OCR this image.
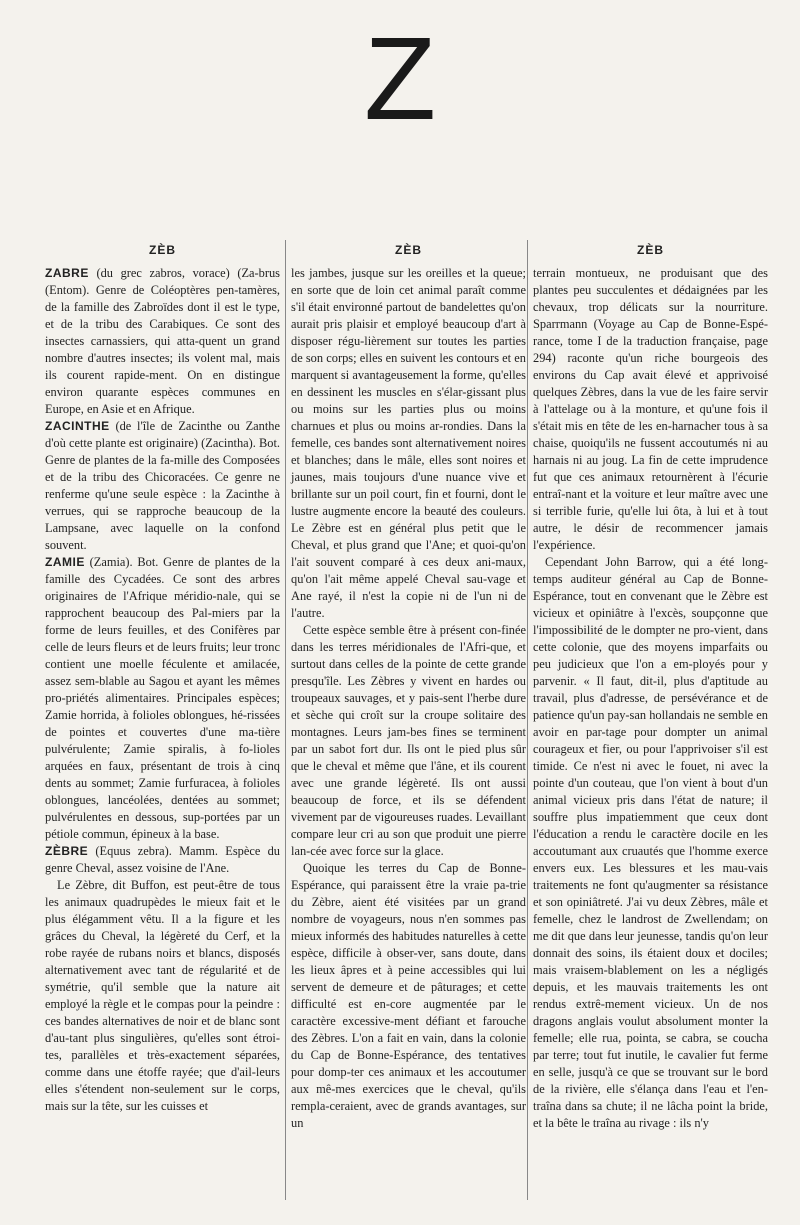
Z
ZÈB

ZABRE (du grec zabros, vorace) (Za-brus (Entom). Genre de Coléoptères pen-tamères, de la famille des Zabroïdes dont il est le type, et de la tribu des Carabiques. Ce sont des insectes carnassiers, qui atta-quent un grand nombre d'autres insectes; ils volent mal, mais ils courent rapide-ment. On en distingue environ quarante espèces communes en Europe, en Asie et en Afrique.

ZACINTHE (de l'île de Zacinthe ou Zanthe d'où cette plante est originaire) (Zacintha). Bot. Genre de plantes de la fa-mille des Composées et de la tribu des Chicoracées. Ce genre ne renferme qu'une seule espèce : la Zacinthe à verrues, qui se rapproche beaucoup de la Lampsane, avec laquelle on la confond souvent.

ZAMIE (Zamia). Bot. Genre de plantes de la famille des Cycadées. Ce sont des arbres originaires de l'Afrique méridio-nale, qui se rapprochent beaucoup des Pal-miers par la forme de leurs feuilles, et des Conifères par celle de leurs fleurs et de leurs fruits; leur tronc contient une moelle féculente et amilacée, assez sem-blable au Sagou et ayant les mêmes pro-priétés alimentaires. Principales espèces; Zamie horrida, à folioles oblongues, hé-rissées de pointes et couvertes d'une ma-tière pulvérulente; Zamie spiralis, à fo-lioles arquées en faux, présentant de trois à cinq dents au sommet; Zamie furfuracea, à folioles oblongues, lancéolées, dentées au sommet; pulvérulentes en dessous, sup-portées par un pétiole commun, épineux à la base.

ZÈBRE (Equus zebra). Mamm. Espèce du genre Cheval, assez voisine de l'Ane.

Le Zèbre, dit Buffon, est peut-être de tous les animaux quadrupèdes le mieux fait et le plus élégamment vêtu. Il a la figure et les grâces du Cheval, la légèreté du Cerf, et la robe rayée de rubans noirs et blancs, disposés alternativement avec tant de régularité et de symétrie, qu'il semble que la nature ait employé la règle et le compas pour la peindre : ces bandes alternatives de noir et de blanc sont d'au-tant plus singulières, qu'elles sont étroi-tes, parallèles et très-exactement séparées, comme dans une étoffe rayée; que d'ail-leurs elles s'étendent non-seulement sur le corps, mais sur la tête, sur les cuisses et

ZÈB

les jambes, jusque sur les oreilles et la queue; en sorte que de loin cet animal paraît comme s'il était environné partout de bandelettes qu'on aurait pris plaisir et employé beaucoup d'art à disposer régu-lièrement sur toutes les parties de son corps; elles en suivent les contours et en marquent si avantageusement la forme, qu'elles en dessinent les muscles en s'élar-gissant plus ou moins sur les parties plus ou moins charnues et plus ou moins ar-rondies. Dans la femelle, ces bandes sont alternativement noires et blanches; dans le mâle, elles sont noires et jaunes, mais toujours d'une nuance vive et brillante sur un poil court, fin et fourni, dont le lustre augmente encore la beauté des couleurs. Le Zèbre est en général plus petit que le Cheval, et plus grand que l'Ane; et quoi-qu'on l'ait souvent comparé à ces deux ani-maux, qu'on l'ait même appelé Cheval sau-vage et Ane rayé, il n'est la copie ni de l'un ni de l'autre.

Cette espèce semble être à présent con-finée dans les terres méridionales de l'Afri-que, et surtout dans celles de la pointe de cette grande presqu'île. Les Zèbres y vivent en hardes ou troupeaux sauvages, et y pais-sent l'herbe dure et sèche qui croît sur la croupe solitaire des montagnes. Leurs jam-bes fines se terminent par un sabot fort dur. Ils ont le pied plus sûr que le cheval et même que l'âne, et ils courent avec une grande légèreté. Ils ont aussi beaucoup de force, et ils se défendent vivement par de vigoureuses ruades. Levaillant compare leur cri au son que produit une pierre lan-cée avec force sur la glace.

Quoique les terres du Cap de Bonne-Espérance, qui paraissent être la vraie pa-trie du Zèbre, aient été visitées par un grand nombre de voyageurs, nous n'en sommes pas mieux informés des habitudes naturelles à cette espèce, difficile à obser-ver, sans doute, dans les lieux âpres et à peine accessibles qui lui servent de demeure et de pâturages; et cette difficulté est en-core augmentée par le caractère excessive-ment défiant et farouche des Zèbres. L'on a fait en vain, dans la colonie du Cap de Bonne-Espérance, des tentatives pour domp-ter ces animaux et les accoutumer aux mê-mes exercices que le cheval, qu'ils rempla-ceraient, avec de grands avantages, sur un

ZÈB

terrain montueux, ne produisant que des plantes peu succulentes et dédaignées par les chevaux, trop délicats sur la nourriture. Sparrmann (Voyage au Cap de Bonne-Espé-rance, tome I de la traduction française, page 294) raconte qu'un riche bourgeois des environs du Cap avait élevé et apprivoisé quelques Zèbres, dans la vue de les faire servir à l'attelage ou à la monture, et qu'une fois il s'était mis en tête de les en-harnacher tous à sa chaise, quoiqu'ils ne fussent accoutumés ni au harnais ni au joug. La fin de cette imprudence fut que ces animaux retournèrent à l'écurie entraî-nant et la voiture et leur maître avec une si terrible furie, qu'elle lui ôta, à lui et à tout autre, le désir de recommencer jamais l'expérience.

Cependant John Barrow, qui a été long-temps auditeur général au Cap de Bonne-Espérance, tout en convenant que le Zèbre est vicieux et opiniâtre à l'excès, soupçonne que l'impossibilité de le dompter ne pro-vient, dans cette colonie, que des moyens imparfaits ou peu judicieux que l'on a em-ployés pour y parvenir. « Il faut, dit-il, plus d'aptitude au travail, plus d'adresse, de persévérance et de patience qu'un pay-san hollandais ne semble en avoir en par-tage pour dompter un animal courageux et fier, ou pour l'apprivoiser s'il est timide. Ce n'est ni avec le fouet, ni avec la pointe d'un couteau, que l'on vient à bout d'un animal vicieux pris dans l'état de nature; il souffre plus impatiemment que ceux dont l'éducation a rendu le caractère docile en les accoutumant aux cruautés que l'homme exerce envers eux. Les blessures et les mau-vais traitements ne font qu'augmenter sa résistance et son opiniâtreté. J'ai vu deux Zèbres, mâle et femelle, chez le landrost de Zwellendam; on me dit que dans leur jeunesse, tandis qu'on leur donnait des soins, ils étaient doux et dociles; mais vraisem-blablement on les a négligés depuis, et les mauvais traitements les ont rendus extrê-mement vicieux. Un de nos dragons anglais voulut absolument monter la femelle; elle rua, pointa, se cabra, se coucha par terre; tout fut inutile, le cavalier fut ferme en selle, jusqu'à ce que se trouvant sur le bord de la rivière, elle s'élança dans l'eau et l'en-traîna dans sa chute; il ne lâcha point la bride, et la bête le traîna au rivage : ils n'y
